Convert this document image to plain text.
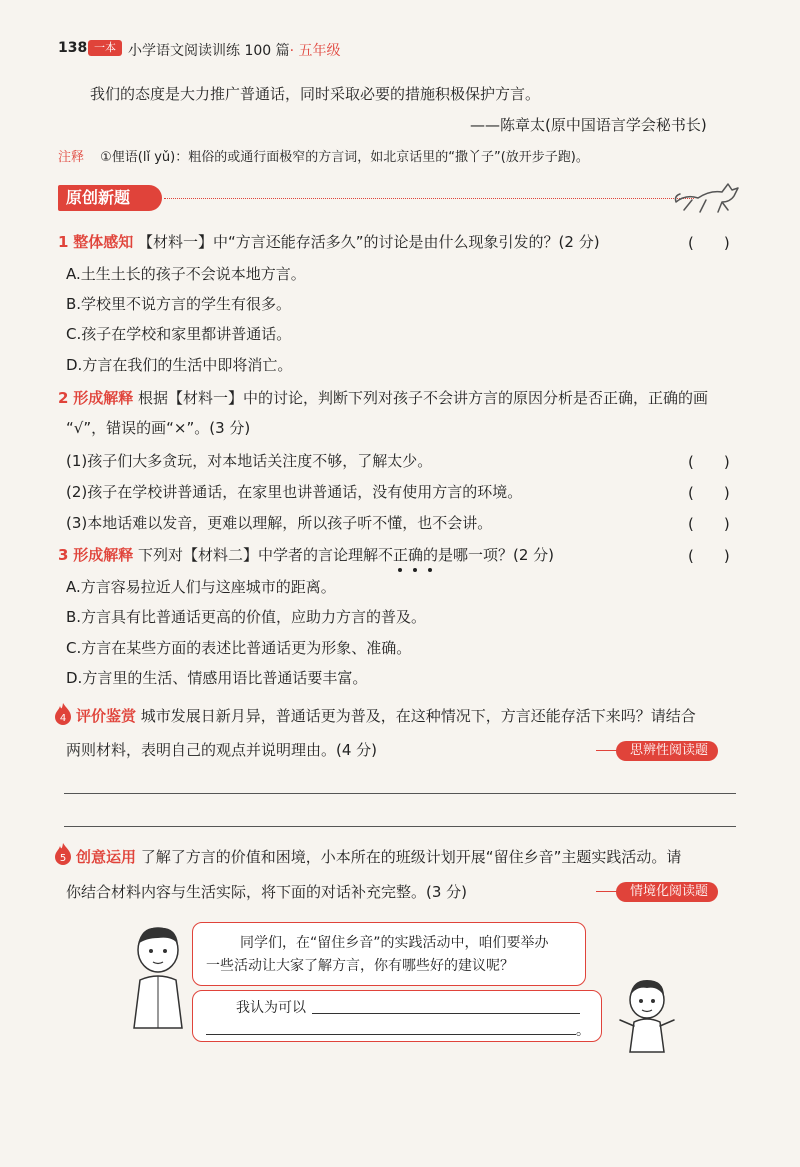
138 一本 小学语文阅读训练 100 篇· 五年级
我们的态度是大力推广普通话，同时采取必要的措施积极保护方言。
——陈章太(原中国语言学会秘书长)
注释 ①俚语(lǐ yǔ)：粗俗的或通行面极窄的方言词，如北京话里的“撒丫子”(放开步子跑)。
原创新题
1 整体感知 【材料一】中“方言还能存活多久”的讨论是由什么现象引发的？(2 分)	(　　)
A.土生土长的孩子不会说本地方言。
B.学校里不说方言的学生有很多。
C.孩子在学校和家里都讲普通话。
D.方言在我们的生活中即将消亡。
2 形成解释 根据【材料一】中的讨论，判断下列对孩子不会讲方言的原因分析是否正确，正确的画
“√”，错误的画“×”。(3 分)
(1)孩子们大多贪玩，对本地话关注度不够，了解太少。	(　　)
(2)孩子在学校讲普通话，在家里也讲普通话，没有使用方言的环境。	(　　)
(3)本地话难以发音，更难以理解，所以孩子听不懂，也不会讲。	(　　)
3 形成解释 下列对【材料二】中学者的言论理解不正确的是哪一项？(2 分)	(　　)
A.方言容易拉近人们与这座城市的距离。
B.方言具有比普通话更高的价值，应助力方言的普及。
C.方言在某些方面的表述比普通话更为形象、准确。
D.方言里的生活、情感用语比普通话要丰富。
4 评价鉴赏 城市发展日新月异，普通话更为普及，在这种情况下，方言还能存活下来吗？请结合
两则材料，表明自己的观点并说明理由。(4 分)	思辨性阅读题
5 创意运用 了解了方言的价值和困境，小本所在的班级计划开展“留住乡音”主题实践活动。请
你结合材料内容与生活实际，将下面的对话补充完整。(3 分)	情境化阅读题
同学们，在“留住乡音”的实践活动中，咱们要举办
一些活动让大家了解方言，你有哪些好的建议呢？
我认为可以
。
